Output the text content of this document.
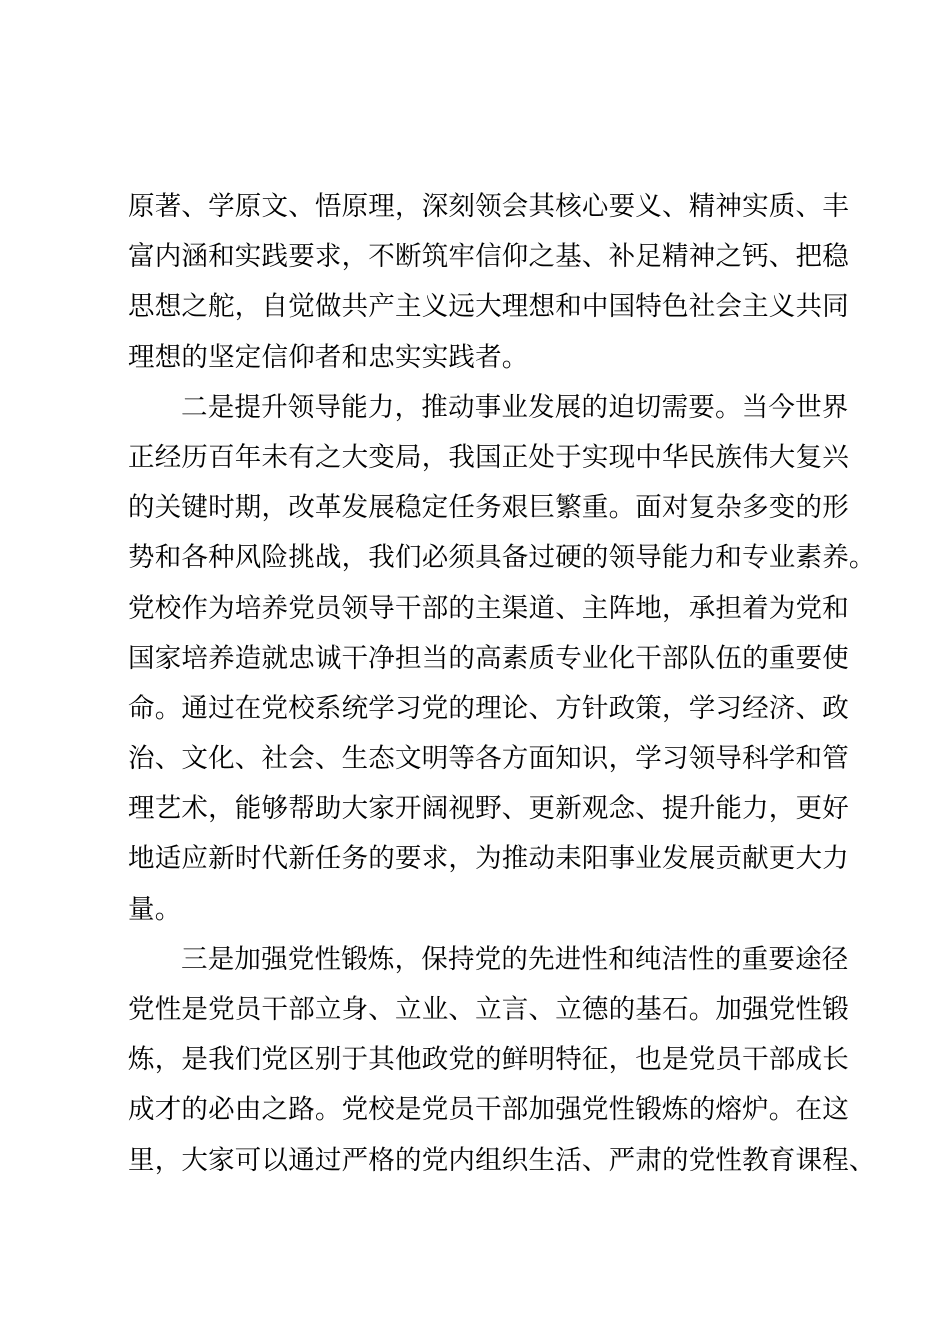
原著、学原文、悟原理，深刻领会其核心要义、精神实质、丰
富内涵和实践要求，不断筑牢信仰之基、补足精神之钙、把稳
思想之舵，自觉做共产主义远大理想和中国特色社会主义共同
理想的坚定信仰者和忠实实践者。
二是提升领导能力，推动事业发展的迫切需要。当今世界
正经历百年未有之大变局，我国正处于实现中华民族伟大复兴
的关键时期，改革发展稳定任务艰巨繁重。面对复杂多变的形
势和各种风险挑战，我们必须具备过硬的领导能力和专业素养。
党校作为培养党员领导干部的主渠道、主阵地，承担着为党和
国家培养造就忠诚干净担当的高素质专业化干部队伍的重要使
命。通过在党校系统学习党的理论、方针政策，学习经济、政
治、文化、社会、生态文明等各方面知识，学习领导科学和管
理艺术，能够帮助大家开阔视野、更新观念、提升能力，更好
地适应新时代新任务的要求，为推动耒阳事业发展贡献更大力
量。
三是加强党性锻炼，保持党的先进性和纯洁性的重要途径
党性是党员干部立身、立业、立言、立德的基石。加强党性锻
炼，是我们党区别于其他政党的鲜明特征，也是党员干部成长
成才的必由之路。党校是党员干部加强党性锻炼的熔炉。在这
里，大家可以通过严格的党内组织生活、严肃的党性教育课程、
